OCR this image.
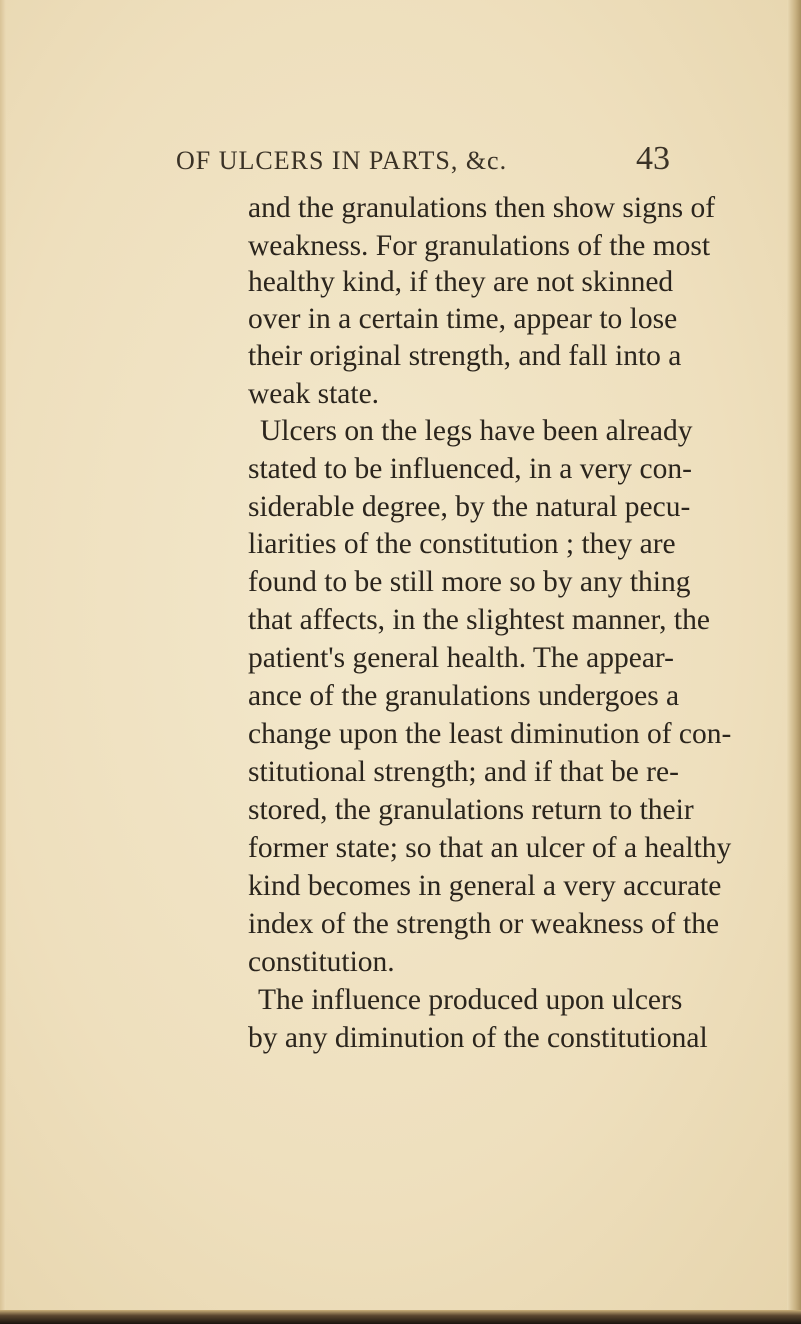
OF ULCERS IN PARTS, &c.	43
and the granulations then show signs of
weakness. For granulations of the most
healthy kind, if they are not skinned
over in a certain time, appear to lose
their original strength, and fall into a
weak state.
Ulcers on the legs have been already
stated to be influenced, in a very con-
siderable degree, by the natural pecu-
liarities of the constitution ; they are
found to be still more so by any thing
that affects, in the slightest manner, the
patient's general health. The appear-
ance of the granulations undergoes a
change upon the least diminution of con-
stitutional strength; and if that be re-
stored, the granulations return to their
former state; so that an ulcer of a healthy
kind becomes in general a very accurate
index of the strength or weakness of the
constitution.
The influence produced upon ulcers
by any diminution of the constitutional
